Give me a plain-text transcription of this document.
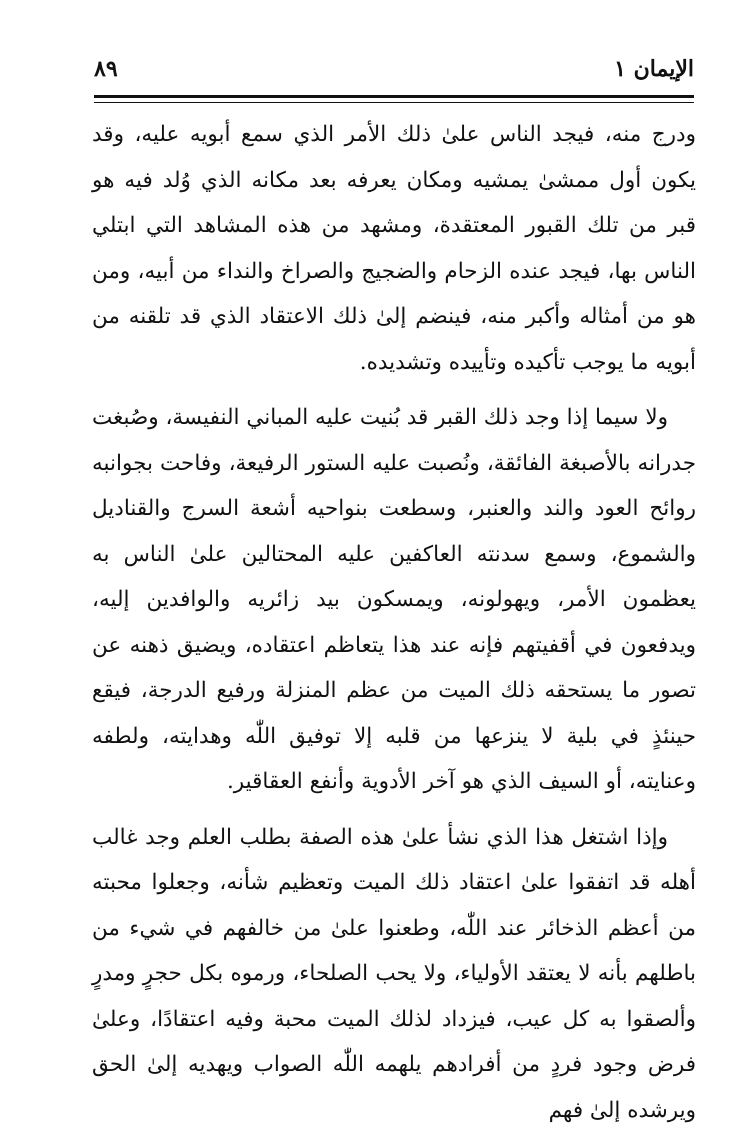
الإيمان ١
٨٩

ودرج منه، فيجد الناس علىٰ ذلك الأمر الذي سمع أبويه عليه، وقد يكون أول ممشىٰ يمشيه ومكان يعرفه بعد مكانه الذي وُلد فيه هو قبر من تلك القبور المعتقدة، ومشهد من هذه المشاهد التي ابتلي الناس بها، فيجد عنده الزحام والضجيج والصراخ والنداء من أبيه، ومن هو من أمثاله وأكبر منه، فينضم إلىٰ ذلك الاعتقاد الذي قد تلقنه من أبويه ما يوجب تأكيده وتأييده وتشديده.

ولا سيما إذا وجد ذلك القبر قد بُنيت عليه المباني النفيسة، وصُبغت جدرانه بالأصبغة الفائقة، ونُصبت عليه الستور الرفيعة، وفاحت بجوانبه روائح العود والند والعنبر، وسطعت بنواحيه أشعة السرج والقناديل والشموع، وسمع سدنته العاكفين عليه المحتالين علىٰ الناس به يعظمون الأمر، ويهولونه، ويمسكون بيد زائريه والوافدين إليه، ويدفعون في أقفيتهم فإنه عند هذا يتعاظم اعتقاده، ويضيق ذهنه عن تصور ما يستحقه ذلك الميت من عظم المنزلة ورفيع الدرجة، فيقع حينئذٍ في بلية لا ينزعها من قلبه إلا توفيق اللّٰه وهدايته، ولطفه وعنايته، أو السيف الذي هو آخر الأدوية وأنفع العقاقير.

وإذا اشتغل هذا الذي نشأ علىٰ هذه الصفة بطلب العلم وجد غالب أهله قد اتفقوا علىٰ اعتقاد ذلك الميت وتعظيم شأنه، وجعلوا محبته من أعظم الذخائر عند اللّٰه، وطعنوا علىٰ من خالفهم في شيء من باطلهم بأنه لا يعتقد الأولياء، ولا يحب الصلحاء، ورموه بكل حجرٍ ومدرٍ وألصقوا به كل عيب، فيزداد لذلك الميت محبة وفيه اعتقادًا، وعلىٰ فرض وجود فردٍ من أفرادهم يلهمه اللّٰه الصواب ويهديه إلىٰ الحق ويرشده إلىٰ فهم
